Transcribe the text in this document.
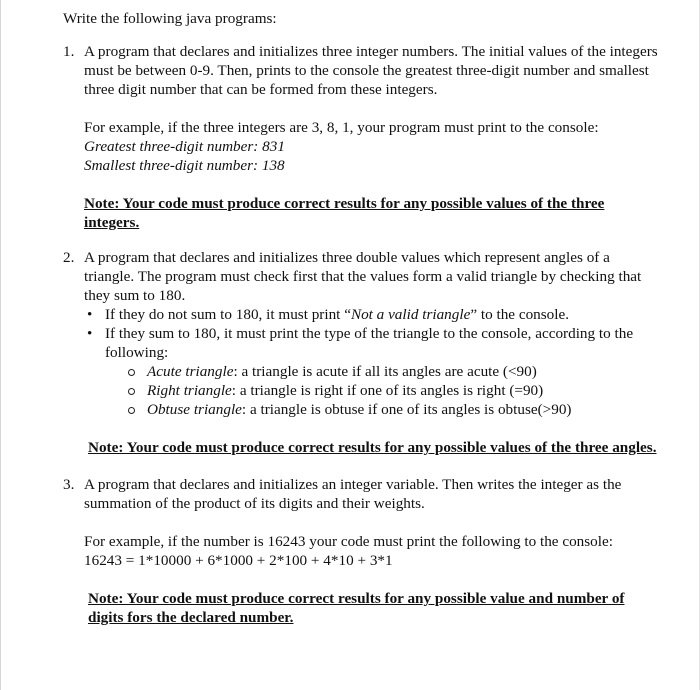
Write the following java programs:

1. A program that declares and initializes three integer numbers. The initial values of the integers must be between 0-9. Then, prints to the console the greatest three-digit number and smallest three digit number that can be formed from these integers.

For example, if the three integers are 3, 8, 1, your program must print to the console:

Greatest three-digit number: 831

Smallest three-digit number: 138

Note: Your code must produce correct results for any possible values of the three integers.

2. A program that declares and initializes three double values which represent angles of a triangle. The program must check first that the values form a valid triangle by checking that they sum to 180.

• If they do not sum to 180, it must print “Not a valid triangle” to the console.
• If they sum to 180, it must print the type of the triangle to the console, according to the following:
Acute triangle: a triangle is acute if all its angles are acute (<90)
Right triangle: a triangle is right if one of its angles is right (=90)
Obtuse triangle: a triangle is obtuse if one of its angles is obtuse(>90)

Note: Your code must produce correct results for any possible values of the three angles.

3. A program that declares and initializes an integer variable. Then writes the integer as the summation of the product of its digits and their weights.

For example, if the number is 16243 your code must print the following to the console:

16243 = 1*10000 + 6*1000 + 2*100 + 4*10 + 3*1

Note: Your code must produce correct results for any possible value and number of digits fors the declared number.
